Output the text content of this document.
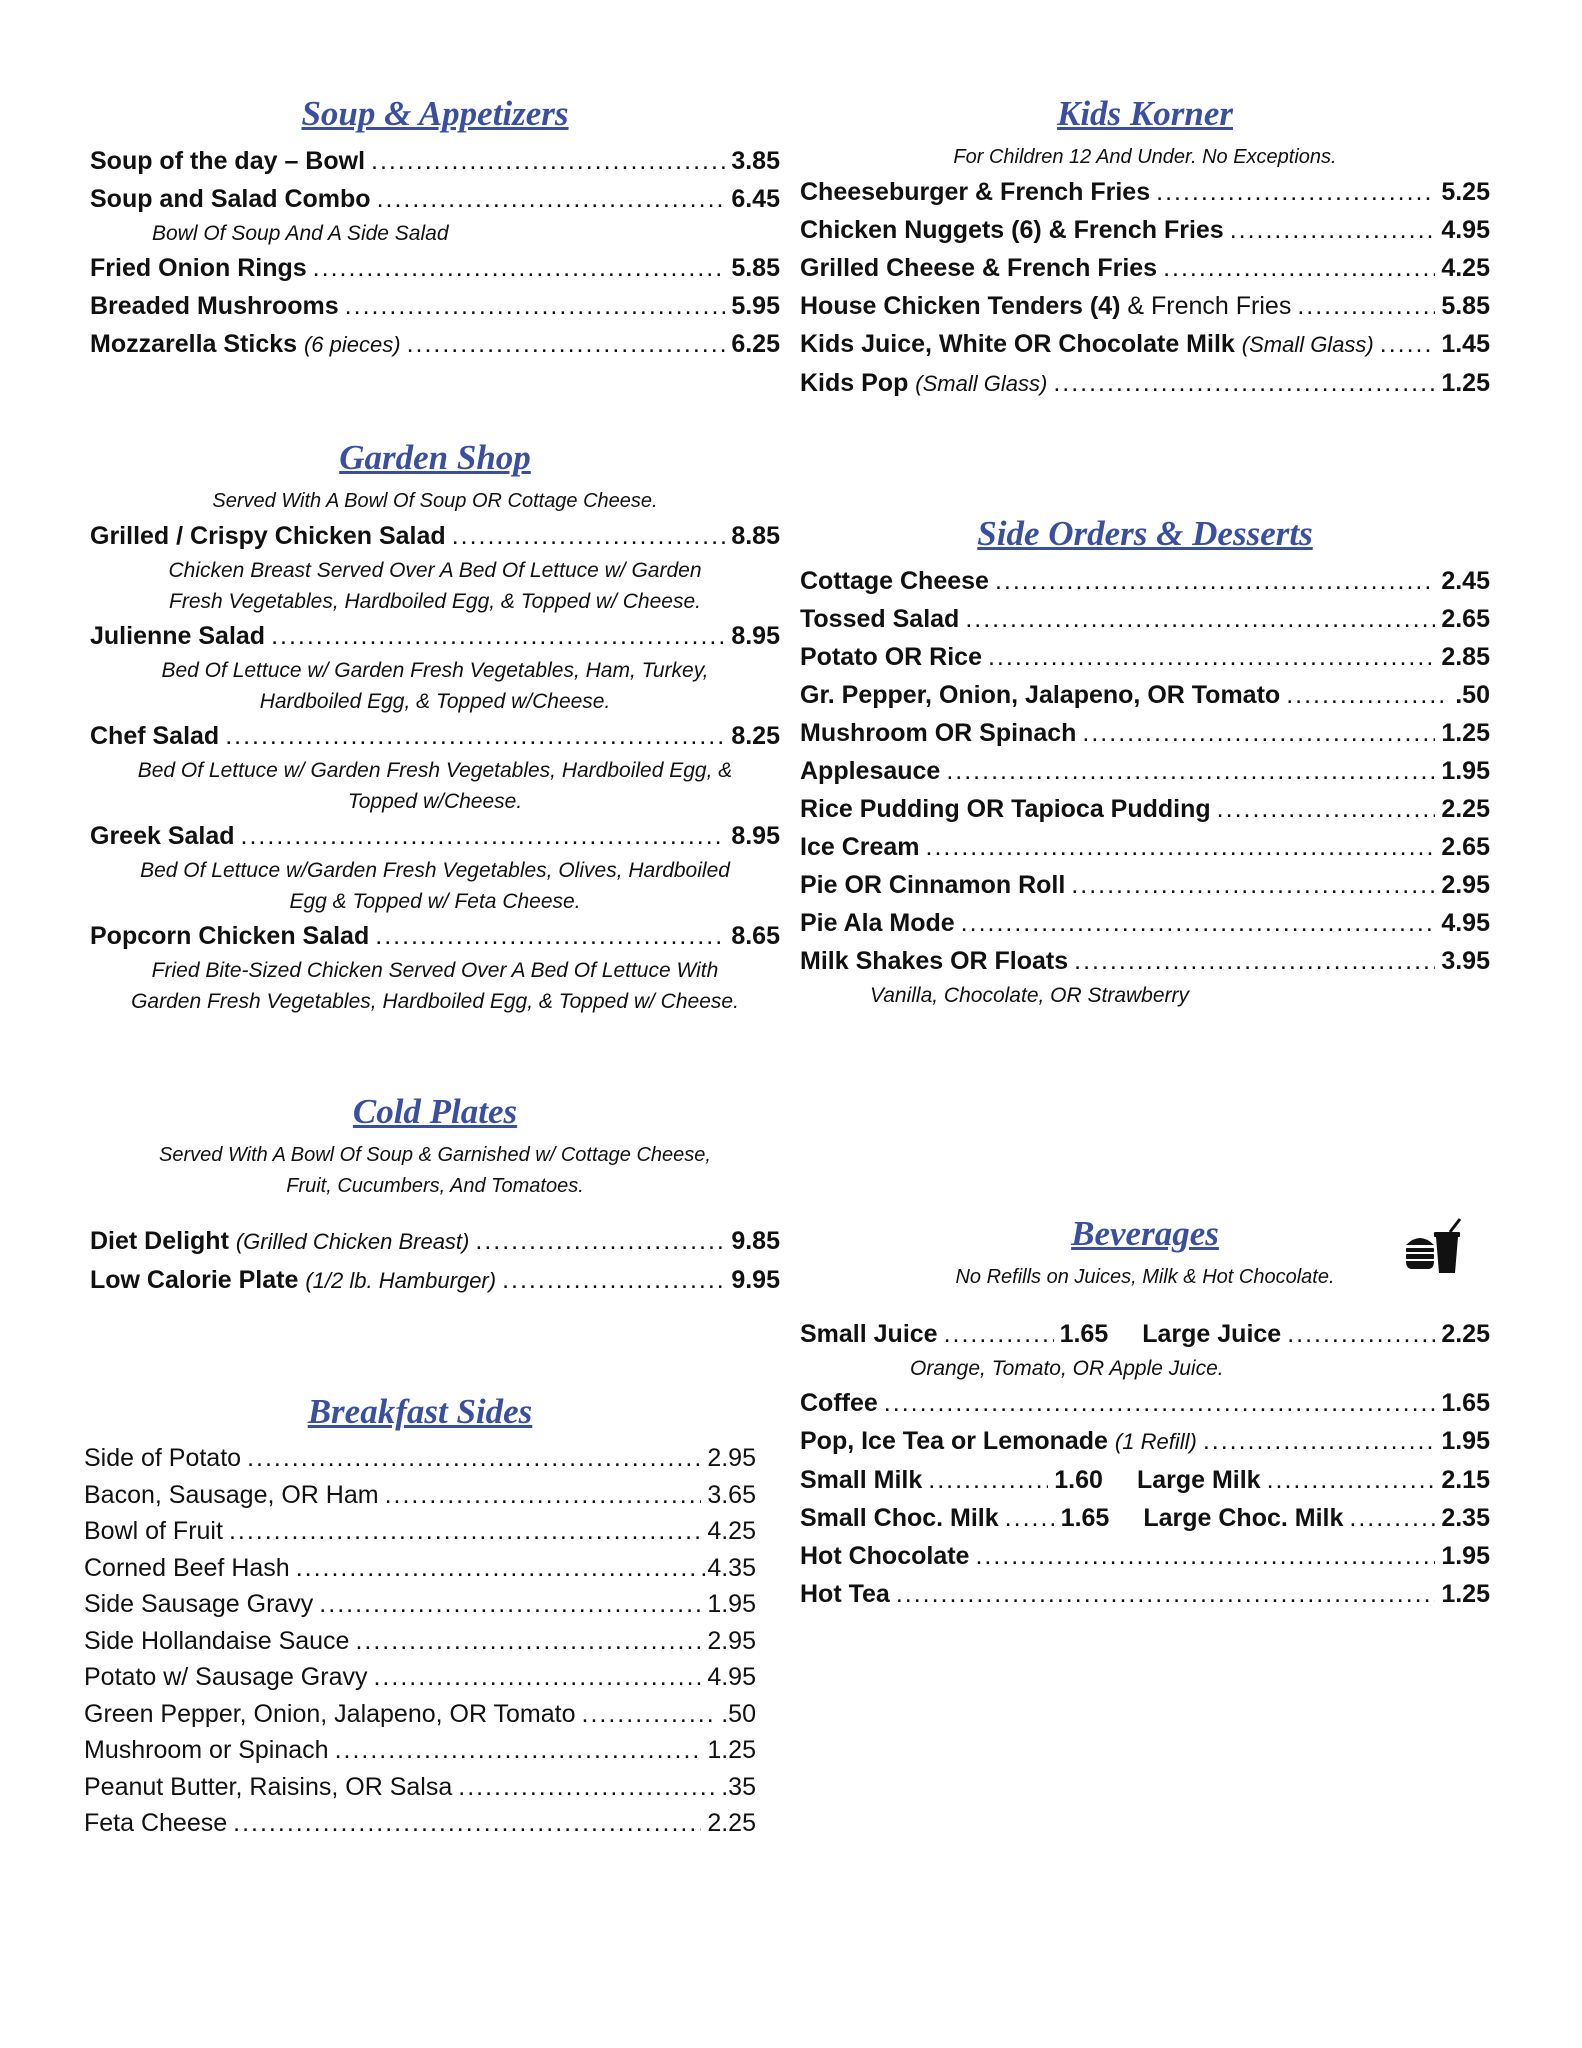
Soup & Appetizers
Soup of the day – Bowl .....	3.85
Soup and Salad Combo .....	6.45

Bowl Of Soup And A Side Salad

Fried Onion Rings .....	5.85
Breaded Mushrooms .....	5.95
Mozzarella Sticks (6 pieces) .....	6.25
Garden Shop

Served With A Bowl Of Soup OR Cottage Cheese.

Grilled / Crispy Chicken Salad .....	8.85

Chicken Breast Served Over A Bed Of Lettuce w/ Garden

Fresh Vegetables, Hardboiled Egg, & Topped w/ Cheese.

Julienne Salad .....	8.95

Bed Of Lettuce w/ Garden Fresh Vegetables, Ham, Turkey,

Hardboiled Egg, & Topped w/Cheese.

Chef Salad .....	8.25

Bed Of Lettuce w/ Garden Fresh Vegetables, Hardboiled Egg, &

Topped w/Cheese.

Greek Salad .....	8.95

Bed Of Lettuce w/Garden Fresh Vegetables, Olives, Hardboiled

Egg & Topped w/ Feta Cheese.

Popcorn Chicken Salad .....	8.65

Fried Bite-Sized Chicken Served Over A Bed Of Lettuce With

Garden Fresh Vegetables, Hardboiled Egg, & Topped w/ Cheese.

Cold Plates

Served With A Bowl Of Soup & Garnished w/ Cottage Cheese,

Fruit, Cucumbers, And Tomatoes.

Diet Delight (Grilled Chicken Breast) .....	9.85
Low Calorie Plate (1/2 lb. Hamburger) .....	9.95
Breakfast Sides
Side of Potato .....	2.95
Bacon, Sausage, OR Ham .....	3.65
Bowl of Fruit .....	4.25
Corned Beef Hash .....	.4.35
Side Sausage Gravy .....	1.95
Side Hollandaise Sauce .....	2.95
Potato w/ Sausage Gravy .....	4.95
Green Pepper, Onion, Jalapeno, OR Tomato .....	.50
Mushroom or Spinach .....	1.25
Peanut Butter, Raisins, OR Salsa .....	.35
Feta Cheese .....	2.25
Kids Korner

For Children 12 And Under. No Exceptions.

Cheeseburger & French Fries .....	5.25
Chicken Nuggets (6) & French Fries .....	4.95
Grilled Cheese & French Fries .....	4.25
House Chicken Tenders (4) & French Fries .....	5.85
Kids Juice, White OR Chocolate Milk (Small Glass) .....	1.45
Kids Pop (Small Glass) .....	1.25
Side Orders & Desserts
Cottage Cheese .....	2.45
Tossed Salad .....	2.65
Potato OR Rice .....	2.85
Gr. Pepper, Onion, Jalapeno, OR Tomato .....	.50
Mushroom OR Spinach .....	1.25
Applesauce .....	1.95
Rice Pudding OR Tapioca Pudding .....	2.25
Ice Cream .....	2.65
Pie OR Cinnamon Roll .....	2.95
Pie Ala Mode .....	4.95
Milk Shakes OR Floats .....	3.95

Vanilla, Chocolate, OR Strawberry

Beverages

No Refills on Juices, Milk & Hot Chocolate.

Small Juice .....	1.65 Large Juice .....	2.25

Orange, Tomato, OR Apple Juice.

Coffee .....	1.65
Pop, Ice Tea or Lemonade (1 Refill) .....	1.95
Small Milk .....	1.60 Large Milk .....	2.15
Small Choc. Milk ..... 1.65 Large Choc. Milk .....	2.35
Hot Chocolate .....	1.95
Hot Tea .....	1.25
